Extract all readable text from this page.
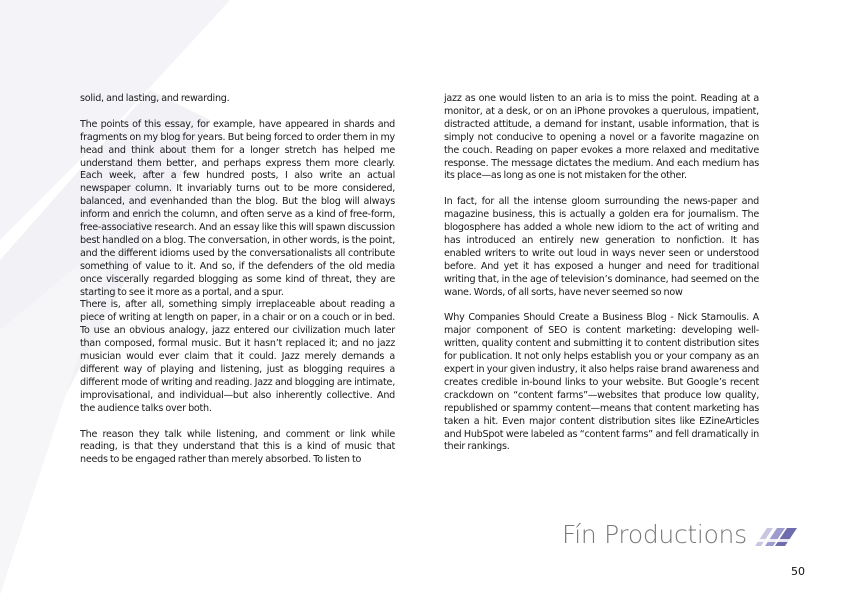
solid, and lasting, and rewarding.

The points of this essay, for example, have appeared in shards and fragments on my blog for years. But being forced to order them in my head and think about them for a longer stretch has helped me understand them better, and perhaps express them more clearly. Each week, after a few hundred posts, I also write an actual newspaper column. It invariably turns out to be more considered, balanced, and evenhanded than the blog. But the blog will always inform and enrich the column, and often serve as a kind of free-form, free-associative research. And an essay like this will spawn discussion best handled on a blog. The conversation, in other words, is the point, and the different idioms used by the conversationalists all contribute something of value to it. And so, if the defenders of the old media once viscerally regarded blogging as some kind of threat, they are starting to see it more as a portal, and a spur.

There is, after all, something simply irreplaceable about reading a piece of writing at length on paper, in a chair or on a couch or in bed. To use an obvious analogy, jazz entered our civilization much later than composed, formal music. But it hasn’t replaced it; and no jazz musician would ever claim that it could. Jazz merely demands a different way of playing and listening, just as blogging requires a different mode of writing and reading. Jazz and blogging are intimate, improvisational, and individual—but also inherently collective. And the audience talks over both.

The reason they talk while listening, and comment or link while reading, is that they understand that this is a kind of music that needs to be engaged rather than merely absorbed. To listen to

jazz as one would listen to an aria is to miss the point. Reading at a monitor, at a desk, or on an iPhone provokes a querulous, impatient, distracted attitude, a demand for instant, usable information, that is simply not conducive to opening a novel or a favorite magazine on the couch. Reading on paper evokes a more relaxed and meditative response. The message dictates the medium. And each medium has its place—as long as one is not mistaken for the other.

In fact, for all the intense gloom surrounding the news-paper and magazine business, this is actually a golden era for journalism. The blogosphere has added a whole new idiom to the act of writing and has introduced an entirely new generation to nonfiction. It has enabled writers to write out loud in ways never seen or understood before. And yet it has exposed a hunger and need for traditional writing that, in the age of television’s dominance, had seemed on the wane. Words, of all sorts, have never seemed so now

Why Companies Should Create a Business Blog - Nick Stamoulis. A major component of SEO is content marketing: developing well-written, quality content and submitting it to content distribution sites for publication. It not only helps establish you or your company as an expert in your given industry, it also helps raise brand awareness and creates credible in-bound links to your website. But Google’s recent crackdown on “content farms”—websites that produce low quality, republished or spammy content—means that content marketing has taken a hit. Even major content distribution sites like EZineArticles and HubSpot were labeled as “content farms” and fell dramatically in their rankings.

Fín Productions
50
